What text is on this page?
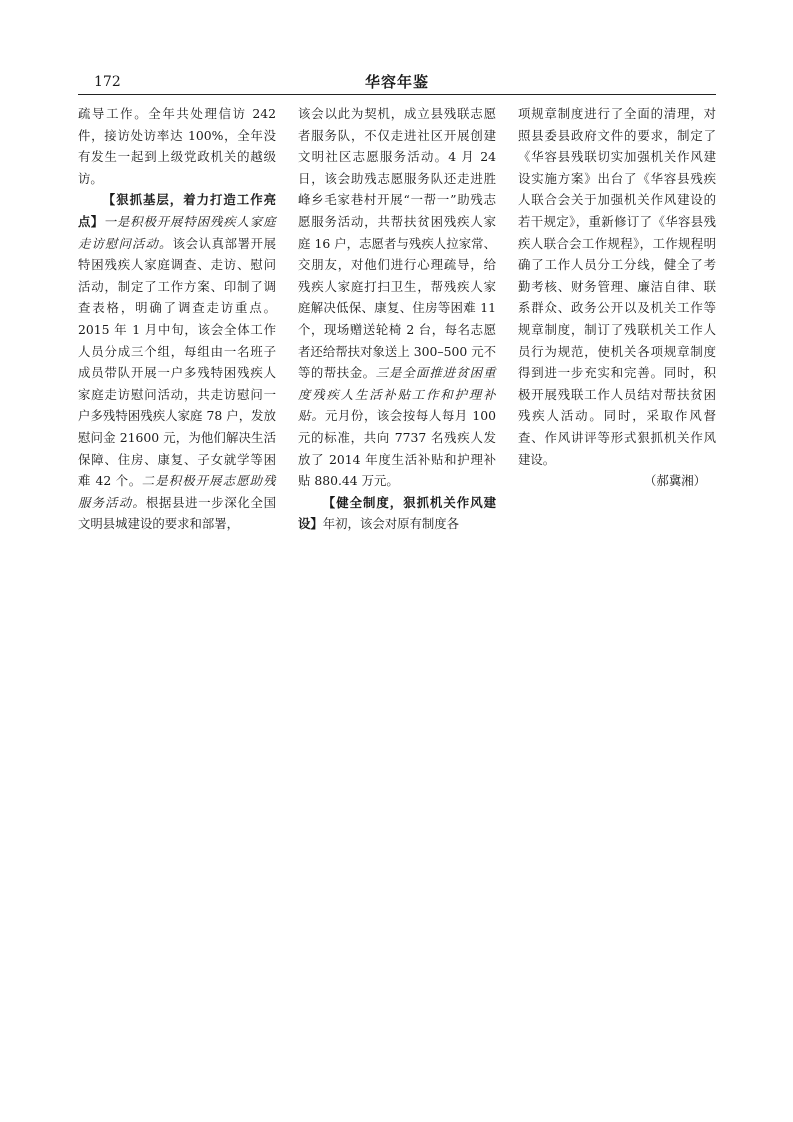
172	华容年鉴

疏导工作。全年共处理信访 242 件，接访处访率达 100%，全年没有发生一起到上级党政机关的越级访。

【狠抓基层，着力打造工作亮点】一是积极开展特困残疾人家庭走访慰问活动。该会认真部署开展特困残疾人家庭调查、走访、慰问活动，制定了工作方案、印制了调查表格，明确了调查走访重点。2015 年 1 月中旬，该会全体工作人员分成三个组，每组由一名班子成员带队开展一户多残特困残疾人家庭走访慰问活动，共走访慰问一户多残特困残疾人家庭 78 户，发放慰问金 21600 元，为他们解决生活保障、住房、康复、子女就学等困难 42 个。二是积极开展志愿助残服务活动。根据县进一步深化全国文明县城建设的要求和部署，

该会以此为契机，成立县残联志愿者服务队，不仅走进社区开展创建文明社区志愿服务活动。4 月 24 日，该会助残志愿服务队还走进胜峰乡毛家巷村开展“一帮一”助残志愿服务活动，共帮扶贫困残疾人家庭 16 户，志愿者与残疾人拉家常、交朋友，对他们进行心理疏导，给残疾人家庭打扫卫生，帮残疾人家庭解决低保、康复、住房等困难 11 个，现场赠送轮椅 2 台，每名志愿者还给帮扶对象送上 300–500 元不等的帮扶金。三是全面推进贫困重度残疾人生活补贴工作和护理补贴。元月份，该会按每人每月 100 元的标准，共向 7737 名残疾人发放了 2014 年度生活补贴和护理补贴 880.44 万元。

【健全制度，狠抓机关作风建设】年初，该会对原有制度各

项规章制度进行了全面的清理，对照县委县政府文件的要求，制定了《华容县残联切实加强机关作风建设实施方案》出台了《华容县残疾人联合会关于加强机关作风建设的若干规定》，重新修订了《华容县残疾人联合会工作规程》，工作规程明确了工作人员分工分线，健全了考勤考核、财务管理、廉洁自律、联系群众、政务公开以及机关工作等规章制度，制订了残联机关工作人员行为规范，使机关各项规章制度得到进一步充实和完善。同时，积极开展残联工作人员结对帮扶贫困残疾人活动。同时，采取作风督查、作风讲评等形式狠抓机关作风建设。

（郝冀湘）
